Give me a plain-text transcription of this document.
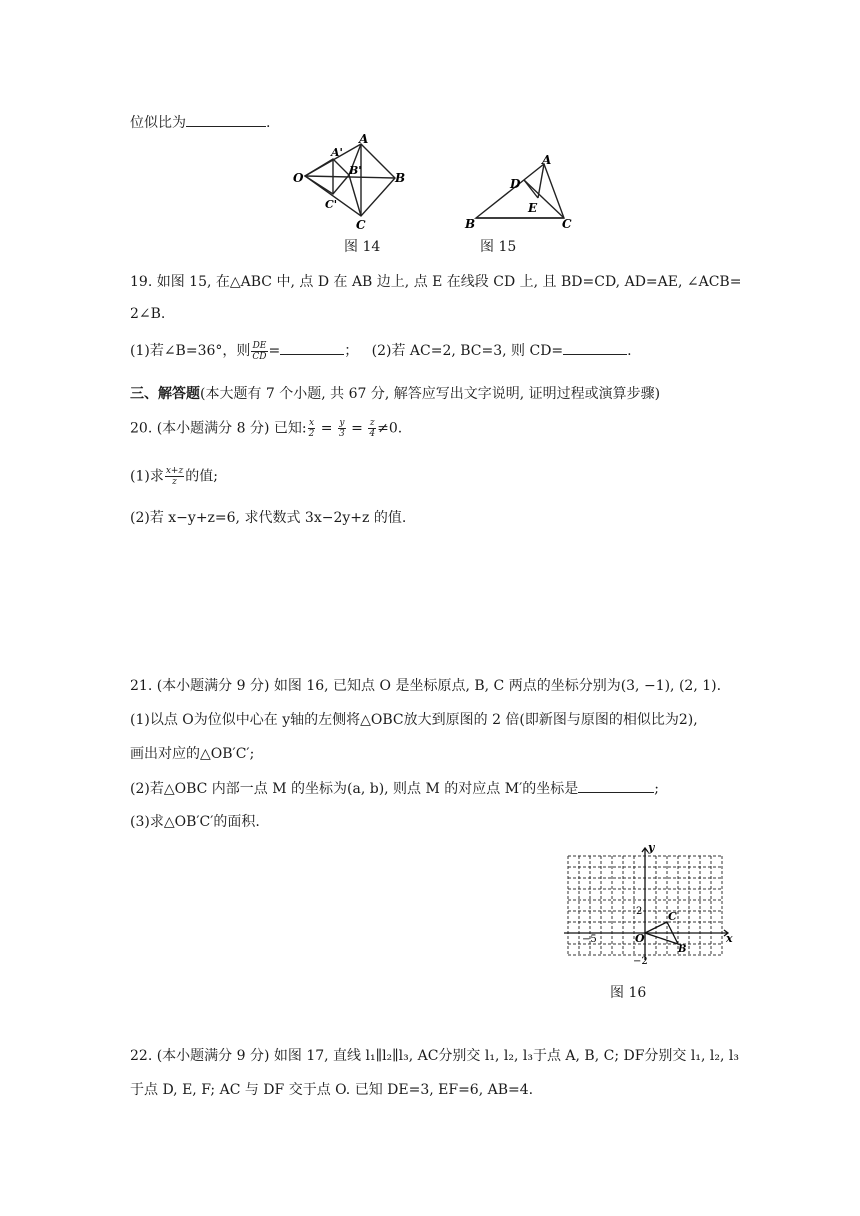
位似比为	.
O
A'
A
B'
B
C'
C
A
D
E
B	C
图 14	图 15
19. 如图 15, 在△ABC 中, 点 D 在 AB 边上, 点 E 在线段 CD 上, 且 BD=CD, AD=AE, ∠ACB=
2∠B.
(1)若∠B=36°，则 $\frac{DE}{CD}$ =	； (2)若 AC=2, BC=3, 则 CD=	.
三、解答题(本大题有 7 个小题, 共 67 分, 解答应写出文字说明, 证明过程或演算步骤)
20. (本小题满分 8 分) 已知: $\frac{x}{2} = \frac{y}{3} = \frac{z}{4} \ne 0$.
(1)求 $\frac{x+z}{z}$ 的值;
(2)若 x−y+z=6, 求代数式 3x−2y+z 的值.
21. (本小题满分 9 分) 如图 16, 已知点 O 是坐标原点, B, C 两点的坐标分别为(3, −1), (2, 1).
(1)以点 O为位似中心在 y轴的左侧将△OBC放大到原图的 2 倍(即新图与原图的相似比为2),
画出对应的△OB′C′;
(2)若△OBC 内部一点 M 的坐标为(a, b), 则点 M 的对应点 M′的坐标是	;
(3)求△OB′C′的面积.
y
x
2
−5
−2
O
C
B
图 16
22. (本小题满分 9 分) 如图 17, 直线 l₁∥l₂∥l₃, AC分别交 l₁, l₂, l₃于点 A, B, C; DF分别交 l₁, l₂, l₃
于点 D, E, F; AC 与 DF 交于点 O. 已知 DE=3, EF=6, AB=4.
